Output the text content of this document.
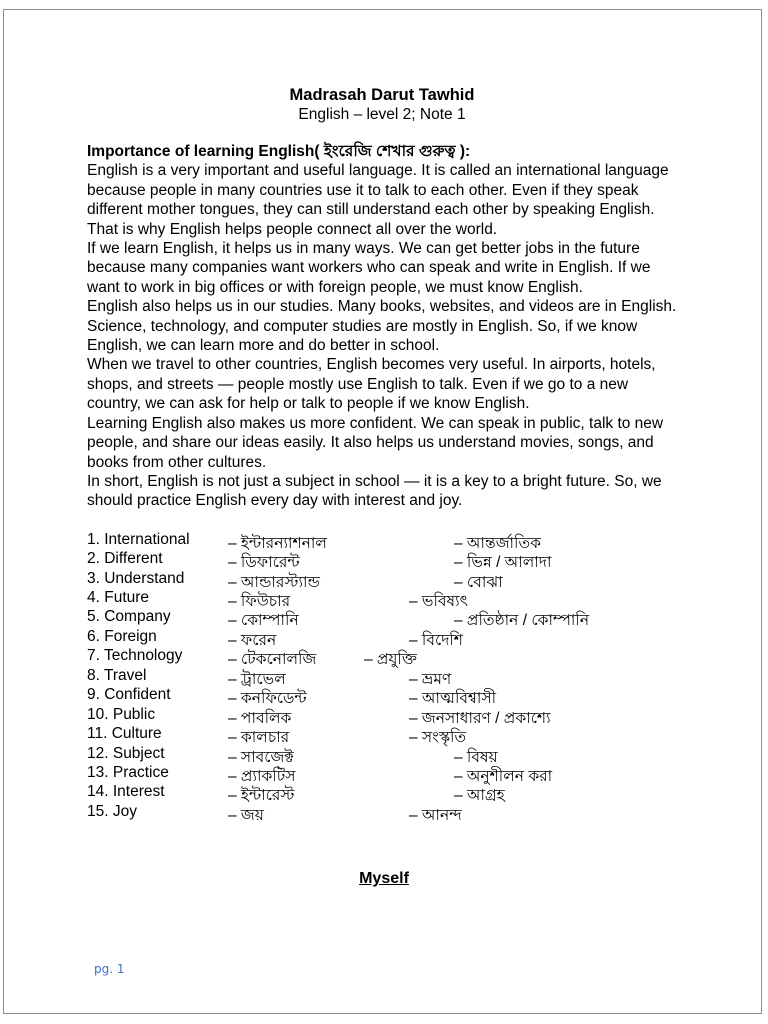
Madrasah Darut Tawhid
English – level 2; Note 1
Importance of learning English( ইংরেজি শেখার গুরুত্ব ):
English is a very important and useful language. It is called an international language because people in many countries use it to talk to each other. Even if they speak different mother tongues, they can still understand each other by speaking English. That is why English helps people connect all over the world.
If we learn English, it helps us in many ways. We can get better jobs in the future because many companies want workers who can speak and write in English. If we want to work in big offices or with foreign people, we must know English.
English also helps us in our studies. Many books, websites, and videos are in English. Science, technology, and computer studies are mostly in English. So, if we know English, we can learn more and do better in school.
When we travel to other countries, English becomes very useful. In airports, hotels, shops, and streets — people mostly use English to talk. Even if we go to a new country, we can ask for help or talk to people if we know English.
Learning English also makes us more confident. We can speak in public, talk to new people, and share our ideas easily. It also helps us understand movies, songs, and books from other cultures.
In short, English is not just a subject in school — it is a key to a bright future. So, we should practice English every day with interest and joy.
1. International – ইন্টারন্যাশনাল	– আন্তর্জাতিক
2. Different	– ডিফারেন্ট	– ভিন্ন / আলাদা
3. Understand	– আন্ডারস্ট্যান্ড	– বোঝা
4. Future	– ফিউচার	– ভবিষ্যৎ
5. Company	– কোম্পানি	– প্রতিষ্ঠান / কোম্পানি
6. Foreign	– ফরেন	– বিদেশি
7. Technology	– টেকনোলজি	– প্রযুক্তি
8. Travel	– ট্রাভেল	– ভ্রমণ
9. Confident	– কনফিডেন্ট	– আত্মবিশ্বাসী
10. Public	– পাবলিক	– জনসাধারণ / প্রকাশ্যে
11. Culture	– কালচার	– সংস্কৃতি
12. Subject	– সাবজেক্ট	– বিষয়
13. Practice	– প্র্যাকটিস	– অনুশীলন করা
14. Interest	– ইন্টারেস্ট	– আগ্রহ
15. Joy	– জয়	– আনন্দ
Myself
pg. 1
